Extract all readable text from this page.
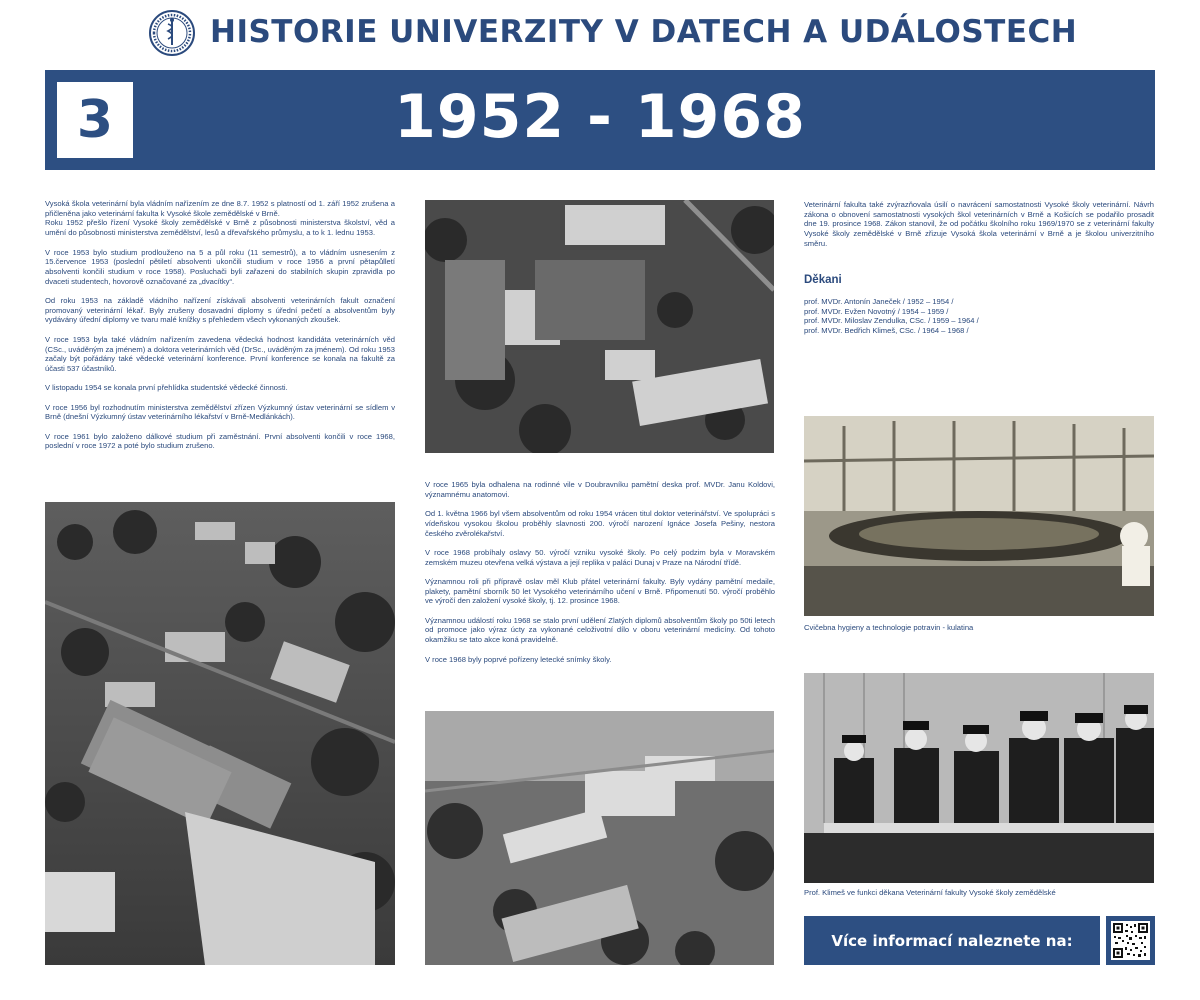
HISTORIE UNIVERZITY V DATECH A UDÁLOSTECH
3	1952 - 1968

Vysoká škola veterinární byla vládním nařízením ze dne 8.7. 1952 s platností od 1. září 1952 zrušena a přičleněna jako veterinární fakulta k Vysoké škole zemědělské v Brně.
Roku 1952 přešlo řízení Vysoké školy zemědělské v Brně z působnosti ministerstva školství, věd a umění do působnosti ministerstva zemědělství, lesů a dřevařského průmyslu, a to k 1. lednu 1953.

V roce 1953 bylo studium prodlouženo na 5 a půl roku (11 semestrů), a to vládním usnesením z 15.července 1953 (poslední pětiletí absolventi ukončili studium v roce 1956 a první pětapůlletí absolventi končili studium v roce 1958). Posluchači byli zařazeni do stabilních skupin zpravidla po dvaceti studentech, hovorově označované za „dvacítky“.

Od roku 1953 na základě vládního nařízení získávali absolventi veterinárních fakult označení promovaný veterinární lékař. Byly zrušeny dosavadní diplomy s úřední pečetí a absolventům byly vydávány úřední diplomy ve tvaru malé knížky s přehledem všech vykonaných zkoušek.

V roce 1953 byla také vládním nařízením zavedena vědecká hodnost kandidáta veterinárních věd (CSc., uváděným za jménem) a doktora veterinárních věd (DrSc., uváděným za jménem). Od roku 1953 začaly být pořádány také vědecké veterinární konference. První konference se konala na fakultě za účasti 537 účastníků.

V listopadu 1954 se konala první přehlídka studentské vědecké činnosti.

V roce 1956 byl rozhodnutím ministerstva zemědělství zřízen Výzkumný ústav veterinární se sídlem v Brně (dnešní Výzkumný ústav veterinárního lékařství v Brně-Medlánkách).

V roce 1961 bylo založeno dálkové studium při zaměstnání. První absolventi končili v roce 1968, poslední v roce 1972 a poté bylo studium zrušeno.

V roce 1965 byla odhalena na rodinné vile v Doubravníku pamětní deska prof. MVDr. Janu Koldovi, významnému anatomovi.

Od 1. května 1966 byl všem absolventům od roku 1954 vrácen titul doktor veterinářství. Ve spolupráci s vídeňskou vysokou školou proběhly slavnosti 200. výročí narození Ignáce Josefa Pešiny, nestora českého zvěrolékařství.

V roce 1968 probíhaly oslavy 50. výročí vzniku vysoké školy. Po celý podzim byla v Moravském zemském muzeu otevřena velká výstava a její replika v paláci Dunaj v Praze na Národní třídě.

Významnou roli při přípravě oslav měl Klub přátel veterinární fakulty. Byly vydány pamětní medaile, plakety, pamětní sborník 50 let Vysokého veterinárního učení v Brně. Připomenutí 50. výročí proběhlo ve výročí den založení vysoké školy, tj. 12. prosince 1968.

Významnou událostí roku 1968 se stalo první udělení Zlatých diplomů absolventům školy po 50ti letech od promoce jako výraz úcty za vykonané celoživotní dílo v oboru veterinární medicíny. Od tohoto okamžiku se tato akce koná pravidelně.

V roce 1968 byly poprvé pořízeny letecké snímky školy.

Veterinární fakulta také zvýrazňovala úsilí o navrácení samostatnosti Vysoké školy veterinární. Návrh zákona o obnovení samostatnosti vysokých škol veterinárních v Brně a Košicích se podařilo prosadit dne 19. prosince 1968. Zákon stanovil, že od počátku školního roku 1969/1970 se z veterinární fakulty Vysoké školy zemědělské v Brně zřizuje Vysoká škola veterinární v Brně a je školou univerzitního směru.
Děkani
prof. MVDr. Antonín Janeček / 1952 – 1954 /
prof. MVDr. Evžen Novotný / 1954 – 1959 /
prof. MVDr. Miloslav Zendulka, CSc. / 1959 – 1964 /
prof. MVDr. Bedřich Klimeš, CSc. / 1964 – 1968 /
Cvičebna hygieny a technologie potravin - kulatina
Prof. Klimeš ve funkci děkana Veterinární fakulty Vysoké školy zemědělské
Více informací naleznete na:
